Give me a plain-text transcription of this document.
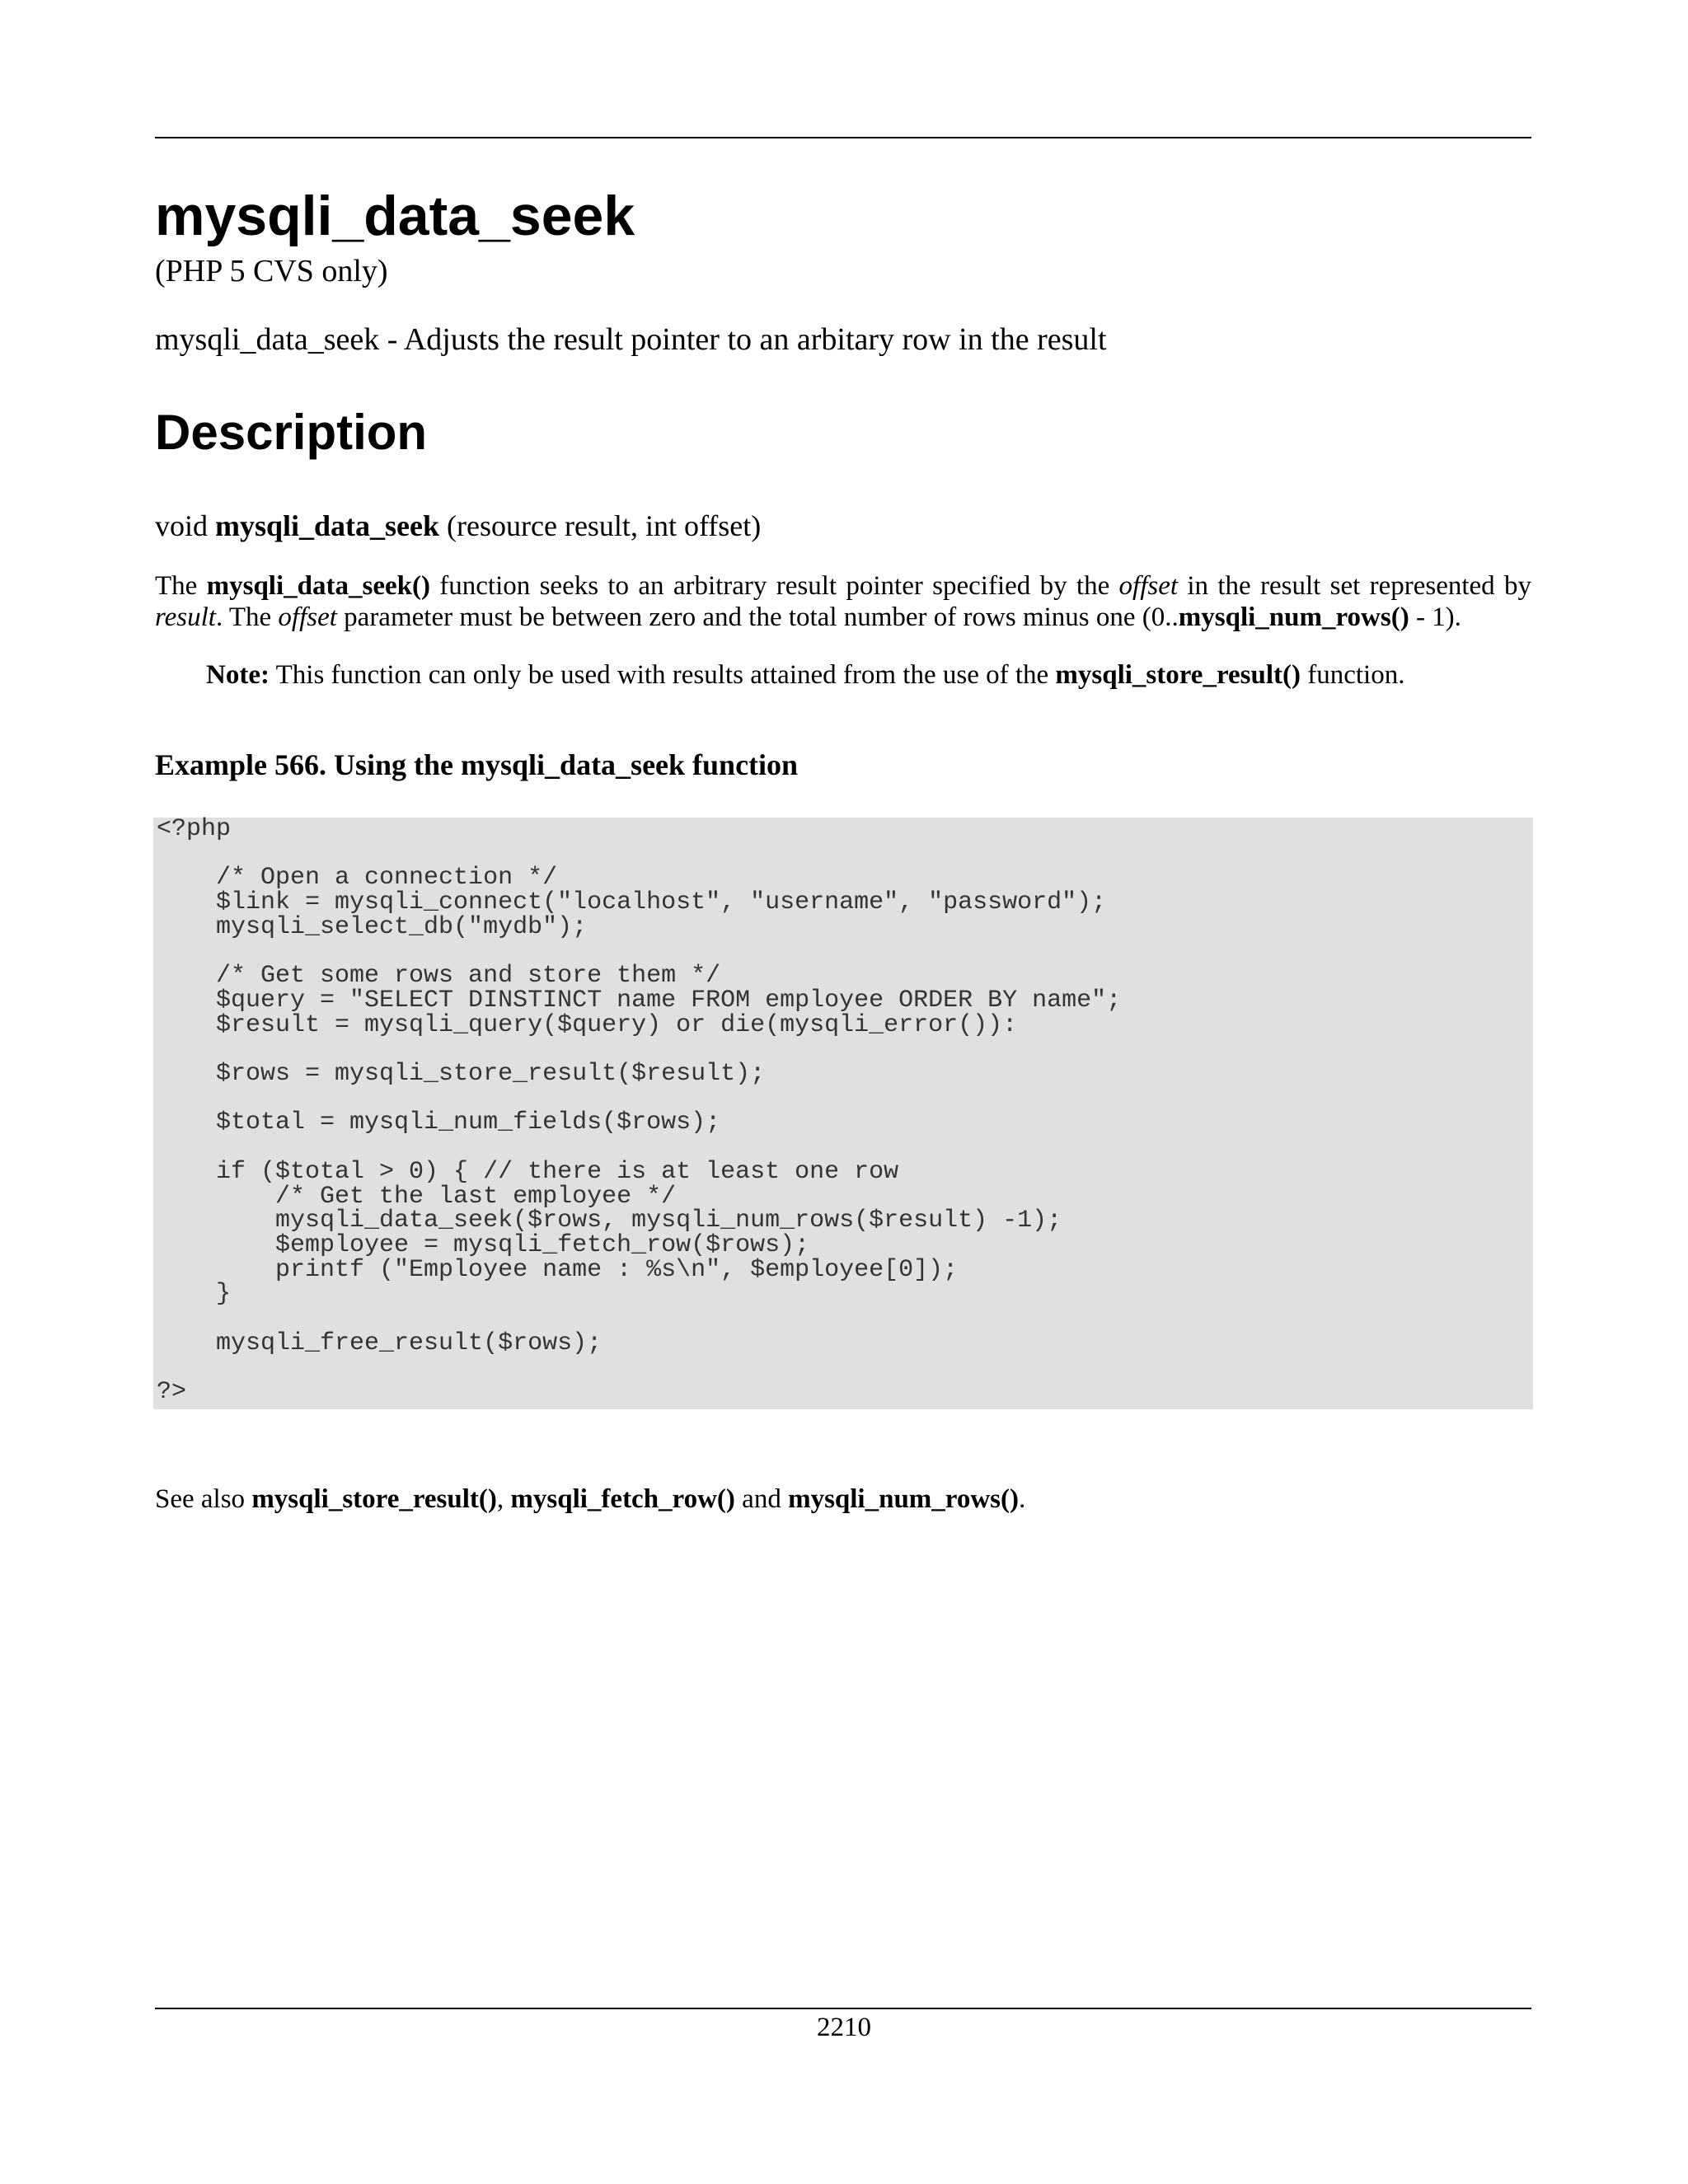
mysqli_data_seek
(PHP 5 CVS only)
mysqli_data_seek - Adjusts the result pointer to an arbitary row in the result
Description
void mysqli_data_seek (resource result, int offset)
The mysqli_data_seek() function seeks to an arbitrary result pointer specified by the offset in the result set represented by result. The offset parameter must be between zero and the total number of rows minus one (0..mysqli_num_rows() - 1).
Note: This function can only be used with results attained from the use of the mysqli_store_result() function.
Example 566. Using the mysqli_data_seek function
<?php

/* Open a connection */
$link = mysqli_connect("localhost", "username", "password");
mysqli_select_db("mydb");

/* Get some rows and store them */
$query = "SELECT DINSTINCT name FROM employee ORDER BY name";
$result = mysqli_query($query) or die(mysqli_error()):

$rows = mysqli_store_result($result);

$total = mysqli_num_fields($rows);

if ($total > 0) { // there is at least one row
/* Get the last employee */
mysqli_data_seek($rows, mysqli_num_rows($result) -1);
$employee = mysqli_fetch_row($rows);
printf ("Employee name : %s\n", $employee[0]);
}

mysqli_free_result($rows);

?>
See also mysqli_store_result(), mysqli_fetch_row() and mysqli_num_rows().
2210
